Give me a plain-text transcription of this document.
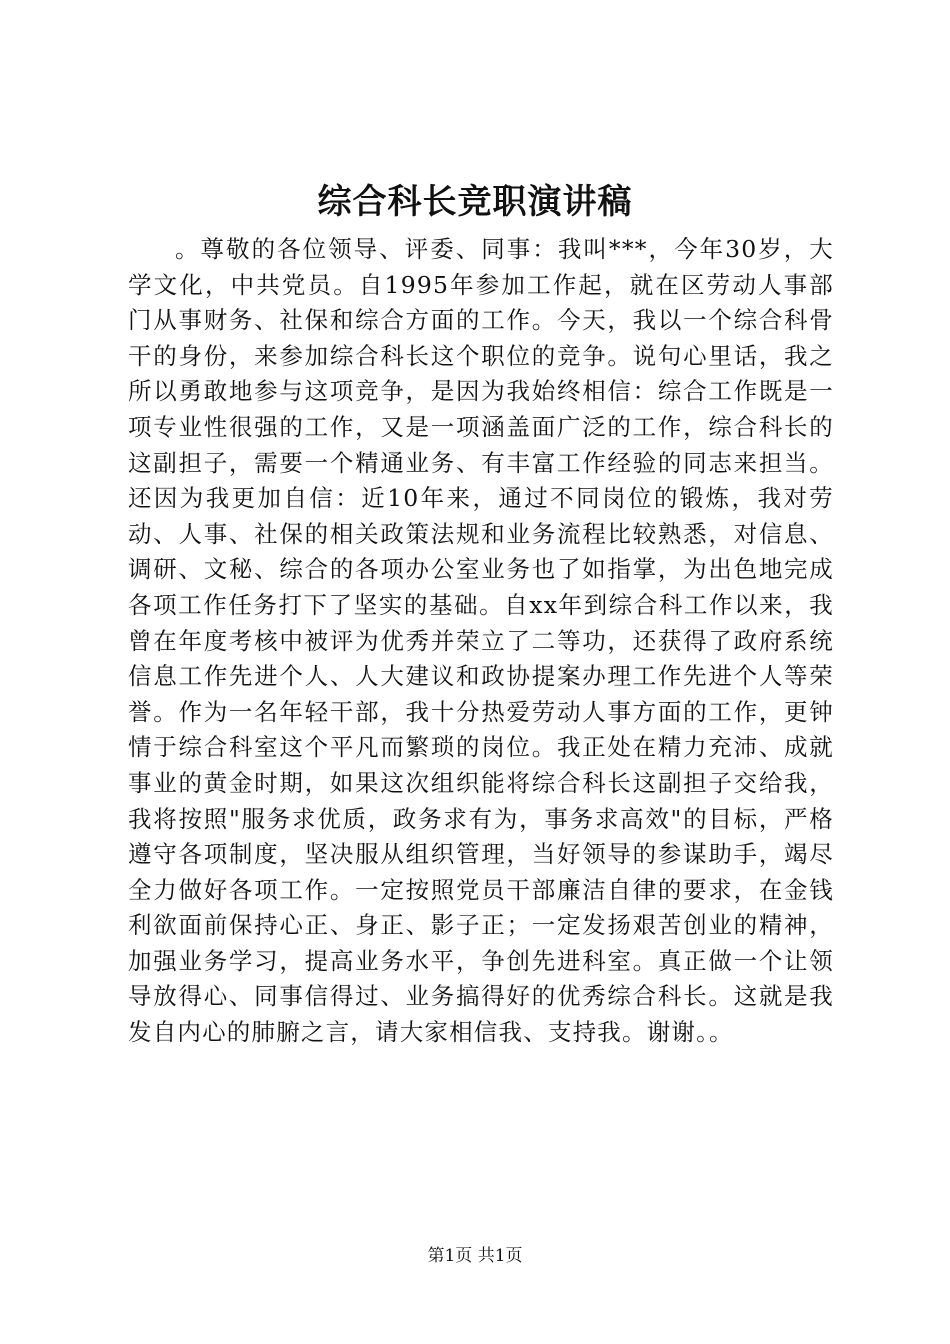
综合科长竞职演讲稿

。尊敬的各位领导、评委、同事：我叫***，今年30岁，大学文化，中共党员。自1995年参加工作起，就在区劳动人事部门从事财务、社保和综合方面的工作。今天，我以一个综合科骨干的身份，来参加综合科长这个职位的竞争。说句心里话，我之所以勇敢地参与这项竞争，是因为我始终相信：综合工作既是一项专业性很强的工作，又是一项涵盖面广泛的工作，综合科长的这副担子，需要一个精通业务、有丰富工作经验的同志来担当。还因为我更加自信：近10年来，通过不同岗位的锻炼，我对劳动、人事、社保的相关政策法规和业务流程比较熟悉，对信息、调研、文秘、综合的各项办公室业务也了如指掌，为出色地完成各项工作任务打下了坚实的基础。自xx年到综合科工作以来，我曾在年度考核中被评为优秀并荣立了二等功，还获得了政府系统信息工作先进个人、人大建议和政协提案办理工作先进个人等荣誉。作为一名年轻干部，我十分热爱劳动人事方面的工作，更钟情于综合科室这个平凡而繁琐的岗位。我正处在精力充沛、成就事业的黄金时期，如果这次组织能将综合科长这副担子交给我，我将按照"服务求优质，政务求有为，事务求高效"的目标，严格遵守各项制度，坚决服从组织管理，当好领导的参谋助手，竭尽全力做好各项工作。一定按照党员干部廉洁自律的要求，在金钱利欲面前保持心正、身正、影子正；一定发扬艰苦创业的精神，加强业务学习，提高业务水平，争创先进科室。真正做一个让领导放得心、同事信得过、业务搞得好的优秀综合科长。这就是我发自内心的肺腑之言，请大家相信我、支持我。谢谢。。

第1页 共1页
